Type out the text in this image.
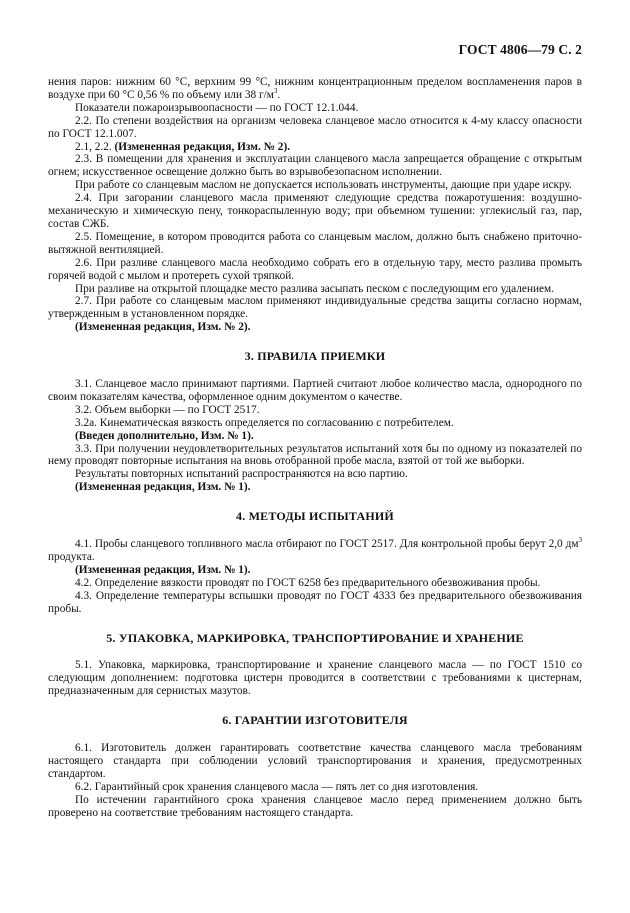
ГОСТ 4806—79 С. 2

нения паров: нижним 60 °С, верхним 99 °С, нижним концентрационным пределом воспламенения паров в воздухе при 60 °С 0,56 % по объему или 38 $г/м^3$.

Показатели пожароизрывоопасности — по ГОСТ 12.1.044.

2.2. По степени воздействия на организм человека сланцевое масло относится к 4-му классу опасности по ГОСТ 12.1.007.

2.1, 2.2. (Измененная редакция, Изм. № 2).

2.3. В помещении для хранения и эксплуатации сланцевого масла запрещается обращение с открытым огнем; искусственное освещение должно быть во взрывобезопасном исполнении.

При работе со сланцевым маслом не допускается использовать инструменты, дающие при ударе искру.

2.4. При загорании сланцевого масла применяют следующие средства пожаротушения: воздушно-механическую и химическую пену, тонкораспыленную воду; при объемном тушении: углекислый газ, пар, состав СЖБ.

2.5. Помещение, в котором проводится работа со сланцевым маслом, должно быть снабжено приточно-вытяжной вентиляцией.

2.6. При разливе сланцевого масла необходимо собрать его в отдельную тару, место разлива промыть горячей водой с мылом и протереть сухой тряпкой.

При разливе на открытой площадке место разлива засыпать песком с последующим его удалением.

2.7. При работе со сланцевым маслом применяют индивидуальные средства защиты согласно нормам, утвержденным в установленном порядке.

(Измененная редакция, Изм. № 2).

3. ПРАВИЛА ПРИЕМКИ

3.1. Сланцевое масло принимают партиями. Партией считают любое количество масла, однородного по своим показателям качества, оформленное одним документом о качестве.

3.2. Объем выборки — по ГОСТ 2517.

3.2а. Кинематическая вязкость определяется по согласованию с потребителем.

(Введен дополнительно, Изм. № 1).

3.3. При получении неудовлетворительных результатов испытаний хотя бы по одному из показателей по нему проводят повторные испытания на вновь отобранной пробе масла, взятой от той же выборки.

Результаты повторных испытаний распространяются на всю партию.

(Измененная редакция, Изм. № 1).

4. МЕТОДЫ ИСПЫТАНИЙ

4.1. Пробы сланцевого топливного масла отбирают по ГОСТ 2517. Для контрольной пробы берут 2,0 $дм^3$ продукта.

(Измененная редакция, Изм. № 1).

4.2. Определение вязкости проводят по ГОСТ 6258 без предварительного обезвоживания пробы.

4.3. Определение температуры вспышки проводят по ГОСТ 4333 без предварительного обезвоживания пробы.

5. УПАКОВКА, МАРКИРОВКА, ТРАНСПОРТИРОВАНИЕ И ХРАНЕНИЕ

5.1. Упаковка, маркировка, транспортирование и хранение сланцевого масла — по ГОСТ 1510 со следующим дополнением: подготовка цистерн проводится в соответствии с требованиями к цистернам, предназначенным для сернистых мазутов.

6. ГАРАНТИИ ИЗГОТОВИТЕЛЯ

6.1. Изготовитель должен гарантировать соответствие качества сланцевого масла требованиям настоящего стандарта при соблюдении условий транспортирования и хранения, предусмотренных стандартом.

6.2. Гарантийный срок хранения сланцевого масла — пять лет со дня изготовления.

По истечении гарантийного срока хранения сланцевое масло перед применением должно быть проверено на соответствие требованиям настоящего стандарта.
